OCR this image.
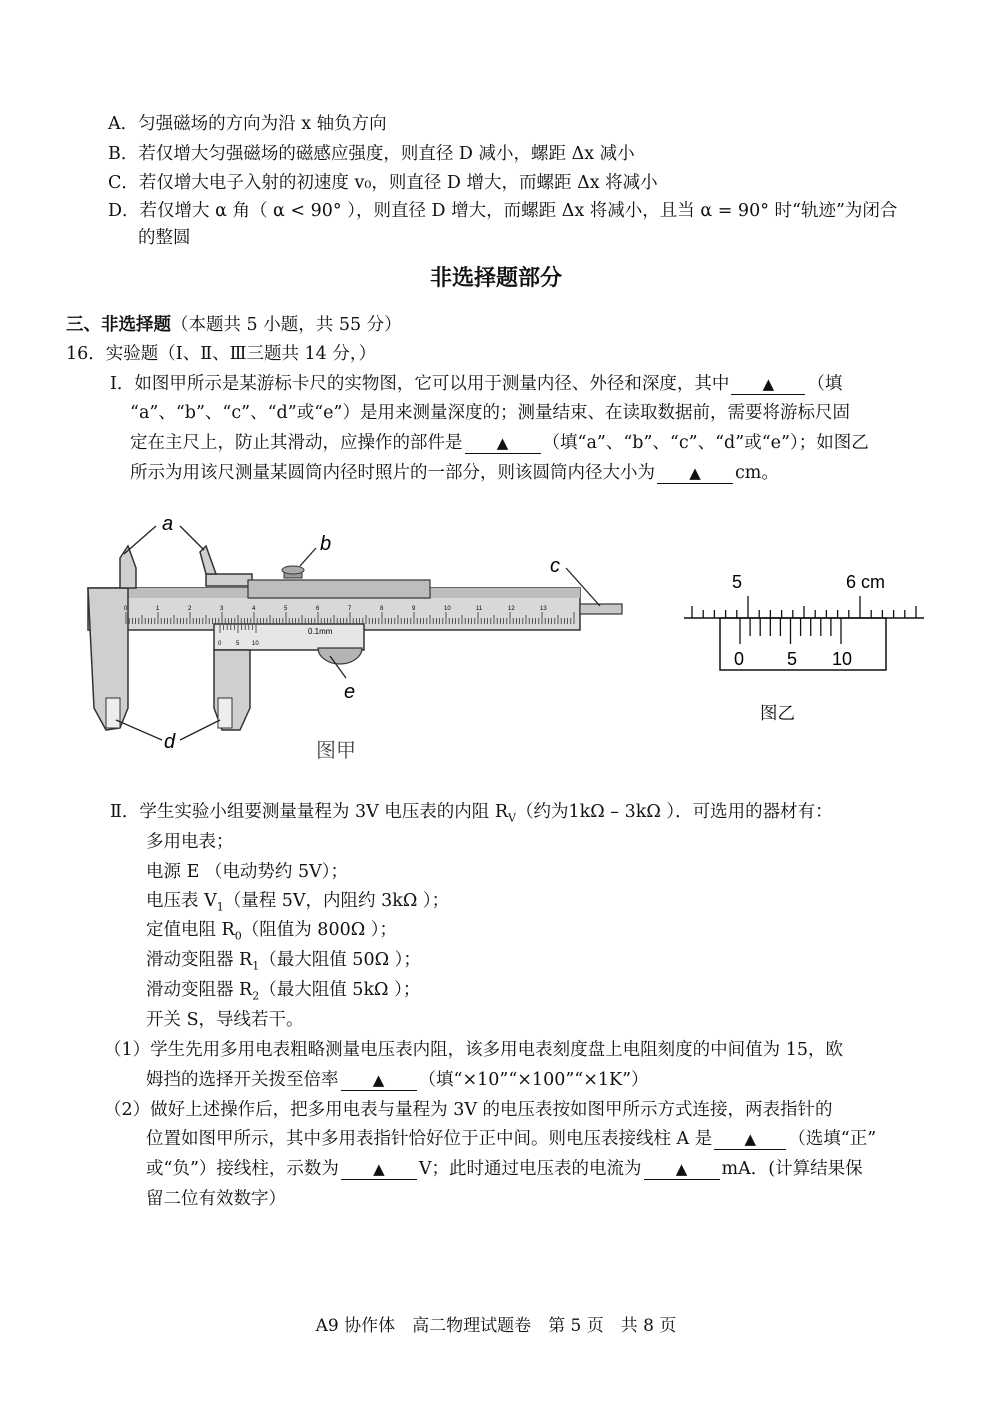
A．匀强磁场的方向为沿 x 轴负方向
B．若仅增大匀强磁场的磁感应强度，则直径 D 减小，螺距 Δx 减小
C．若仅增大电子入射的初速度 v₀，则直径 D 增大，而螺距 Δx 将减小
D．若仅增大 α 角（ α < 90° ），则直径 D 增大，而螺距 Δx 将减小，且当 α = 90° 时“轨迹”为闭合
的整圆
非选择题部分
三、非选择题（本题共 5 小题，共 55 分）
16．实验题（Ⅰ、Ⅱ、Ⅲ三题共 14 分，）
Ⅰ．如图甲所示是某游标卡尺的实物图，它可以用于测量内径、外径和深度，其中 ▲ （填
“a”、“b”、“c”、“d”或“e”）是用来测量深度的；测量结束、在读取数据前，需要将游标尺固
定在主尺上，防止其滑动，应操作的部件是 ▲ （填“a”、“b”、“c”、“d”或“e”）；如图乙
所示为用该尺测量某圆筒内径时照片的一部分，则该圆筒内径大小为 ▲ cm。
0	1	2	3	4	5	6	7	8	9	10	11	12	13
0.1mm
0 5 10
a
b
c
d
e
图甲
5	6 cm
0 5 10
图乙
Ⅱ．学生实验小组要测量量程为 3V 电压表的内阻 $R_V$（约为1kΩ – 3kΩ ）．可选用的器材有：
多用电表；
电源 E （电动势约 5V）；
电压表 $V_1$（量程 5V，内阻约 3kΩ ）；
定值电阻 $R_0$（阻值为 800Ω ）；
滑动变阻器 $R_1$（最大阻值 50Ω ）；
滑动变阻器 $R_2$（最大阻值 5kΩ ）；
开关 S，导线若干。
（1）学生先用多用电表粗略测量电压表内阻，该多用电表刻度盘上电阻刻度的中间值为 15，欧
姆挡的选择开关拨至倍率 ▲ （填“×10”“×100”“×1K”）
（2）做好上述操作后，把多用电表与量程为 3V 的电压表按如图甲所示方式连接，两表指针的
位置如图甲所示，其中多用表指针恰好位于正中间。则电压表接线柱 A 是 ▲ （选填“正”
或“负”）接线柱，示数为 ▲ V；此时通过电压表的电流为 ▲ mA．(计算结果保
留二位有效数字）
A9 协作体　高二物理试题卷　第 5 页　共 8 页
